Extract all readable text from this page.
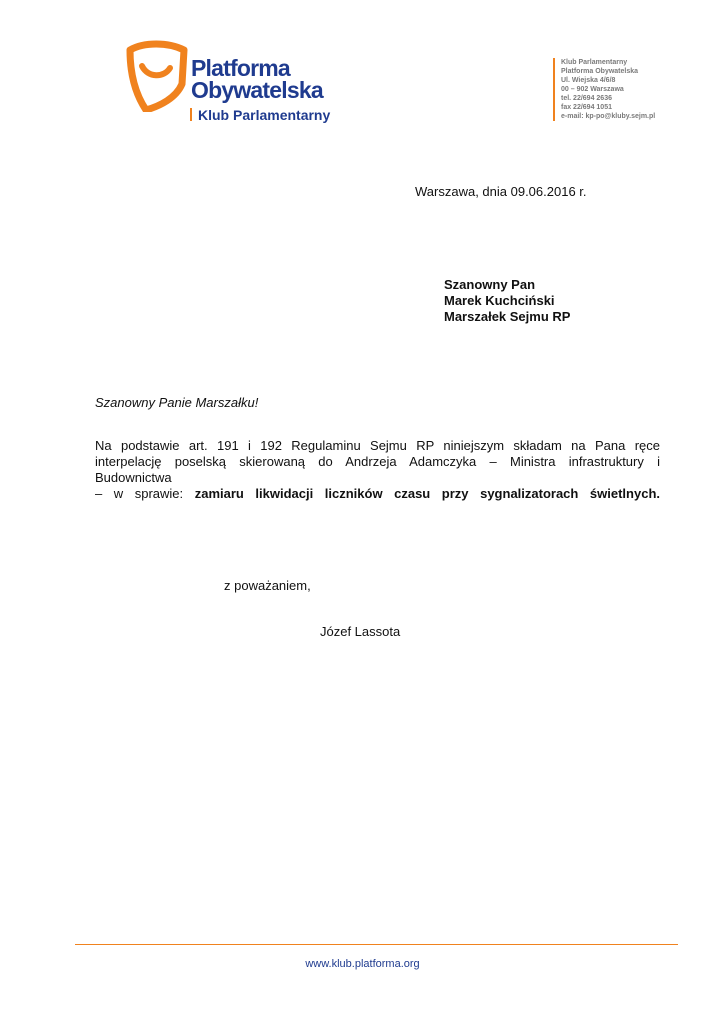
Platforma
Obywatelska
Klub Parlamentarny
Klub Parlamentarny
Platforma Obywatelska
Ul. Wiejska 4/6/8
00 – 902 Warszawa
tel. 22/694 2636
fax 22/694 1051
e-mail: kp-po@kluby.sejm.pl
Warszawa, dnia 09.06.2016 r.
Szanowny Pan
Marek Kuchciński
Marszałek Sejmu RP
Szanowny Panie Marszałku!
Na podstawie art. 191 i 192 Regulaminu Sejmu RP niniejszym składam na Pana ręce
interpelację poselską skierowaną do Andrzeja Adamczyka – Ministra infrastruktury i
Budownictwa
– w sprawie: zamiaru likwidacji liczników czasu przy sygnalizatorach świetlnych.
z poważaniem,
Józef Lassota
www.klub.platforma.org
